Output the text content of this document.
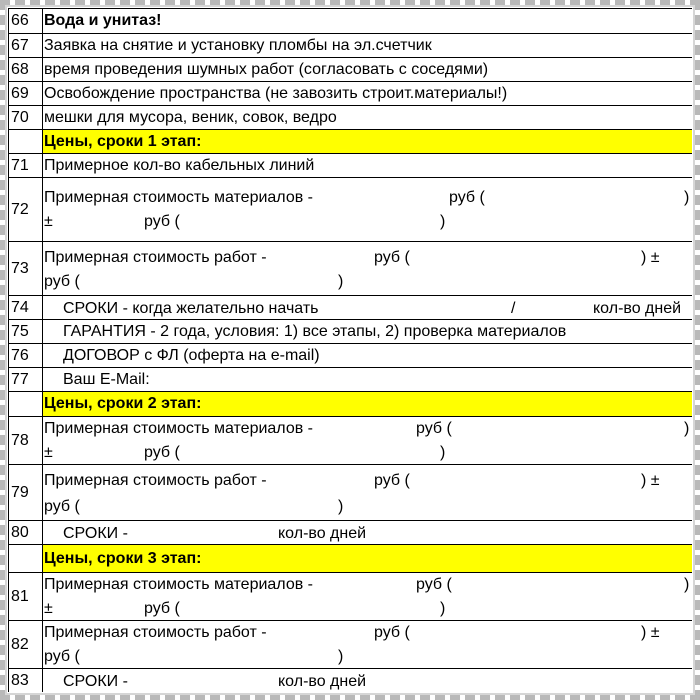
66 Вода и унитаз!
67 Заявка на снятие и установку пломбы на эл.счетчик
68 время проведения шумных работ (согласовать с соседями)
69 Освобождение пространства (не завозить строит.материалы!)
70 мешки для мусора, веник, совок, ведро
Цены, сроки 1 этап:
71 Примерное кол-во кабельных линий
72
Примерная стоимость материалов -	руб (	)
±	руб (	)
73
Примерная стоимость работ -	руб (	) ±
руб (	)
74	СРОКИ - когда желательно начать	/	кол-во дней
75	ГАРАНТИЯ - 2 года, условия: 1) все этапы, 2) проверка материалов
76	ДОГОВОР с ФЛ (оферта на e-mail)
77	Ваш E-Mail:
Цены, сроки 2 этап:
78
Примерная стоимость материалов -	руб (	)
±	руб (	)
79
Примерная стоимость работ -	руб (	) ±
руб (	)
80	СРОКИ -	кол-во дней
Цены, сроки 3 этап:
81
Примерная стоимость материалов -	руб (	)
±	руб (	)
82
Примерная стоимость работ -	руб (	) ±
руб (	)
83	СРОКИ -	кол-во дней
